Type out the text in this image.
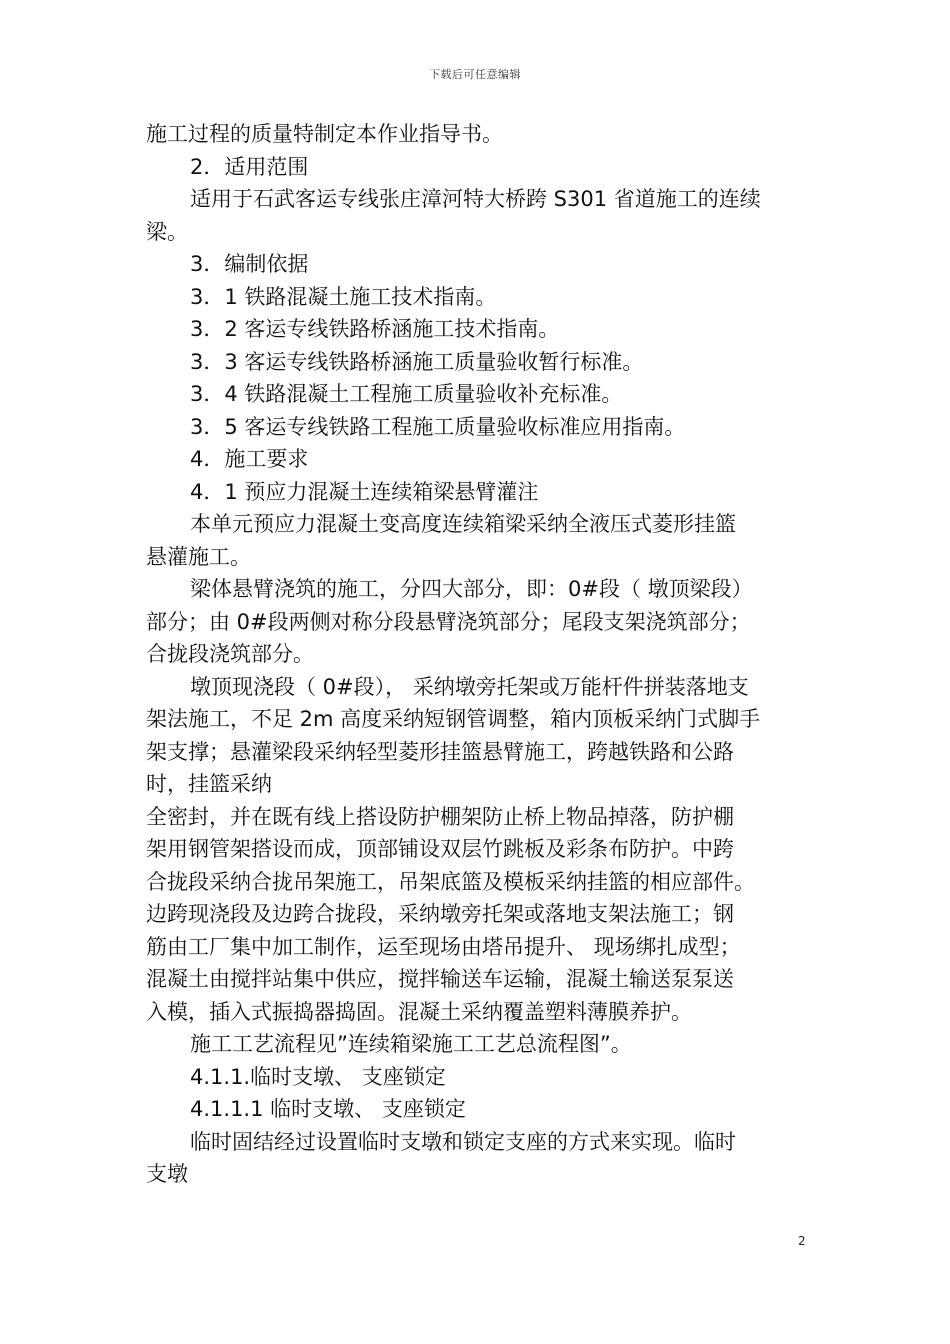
下载后可任意编辑
施工过程的质量特制定本作业指导书。
2．适用范围
适用于石武客运专线张庄漳河特大桥跨 S301 省道施工的连续
梁。
3．编制依据
3．1 铁路混凝土施工技术指南。
3．2 客运专线铁路桥涵施工技术指南。
3．3 客运专线铁路桥涵施工质量验收暂行标准。
3．4 铁路混凝土工程施工质量验收补充标准。
3．5 客运专线铁路工程施工质量验收标准应用指南。
4．施工要求
4．1 预应力混凝土连续箱梁悬臂灌注
本单元预应力混凝土变高度连续箱梁采纳全液压式菱形挂篮
悬灌施工。
梁体悬臂浇筑的施工，分四大部分，即：0#段（ 墩顶梁段）
部分；由 0#段两侧对称分段悬臂浇筑部分；尾段支架浇筑部分；
合拢段浇筑部分。
墩顶现浇段（ 0#段）， 采纳墩旁托架或万能杆件拼装落地支
架法施工，不足 2m 高度采纳短钢管调整，箱内顶板采纳门式脚手
架支撑；悬灌梁段采纳轻型菱形挂篮悬臂施工，跨越铁路和公路
时，挂篮采纳
全密封，并在既有线上搭设防护棚架防止桥上物品掉落，防护棚
架用钢管架搭设而成，顶部铺设双层竹跳板及彩条布防护。中跨
合拢段采纳合拢吊架施工，吊架底篮及模板采纳挂篮的相应部件。
边跨现浇段及边跨合拢段，采纳墩旁托架或落地支架法施工；钢
筋由工厂集中加工制作，运至现场由塔吊提升、 现场绑扎成型；
混凝土由搅拌站集中供应，搅拌输送车运输，混凝土输送泵泵送
入模，插入式振捣器捣固。混凝土采纳覆盖塑料薄膜养护。
施工工艺流程见”连续箱梁施工工艺总流程图”。
4.1.1.临时支墩、 支座锁定
4.1.1.1 临时支墩、 支座锁定
临时固结经过设置临时支墩和锁定支座的方式来实现。临时
支墩
2
